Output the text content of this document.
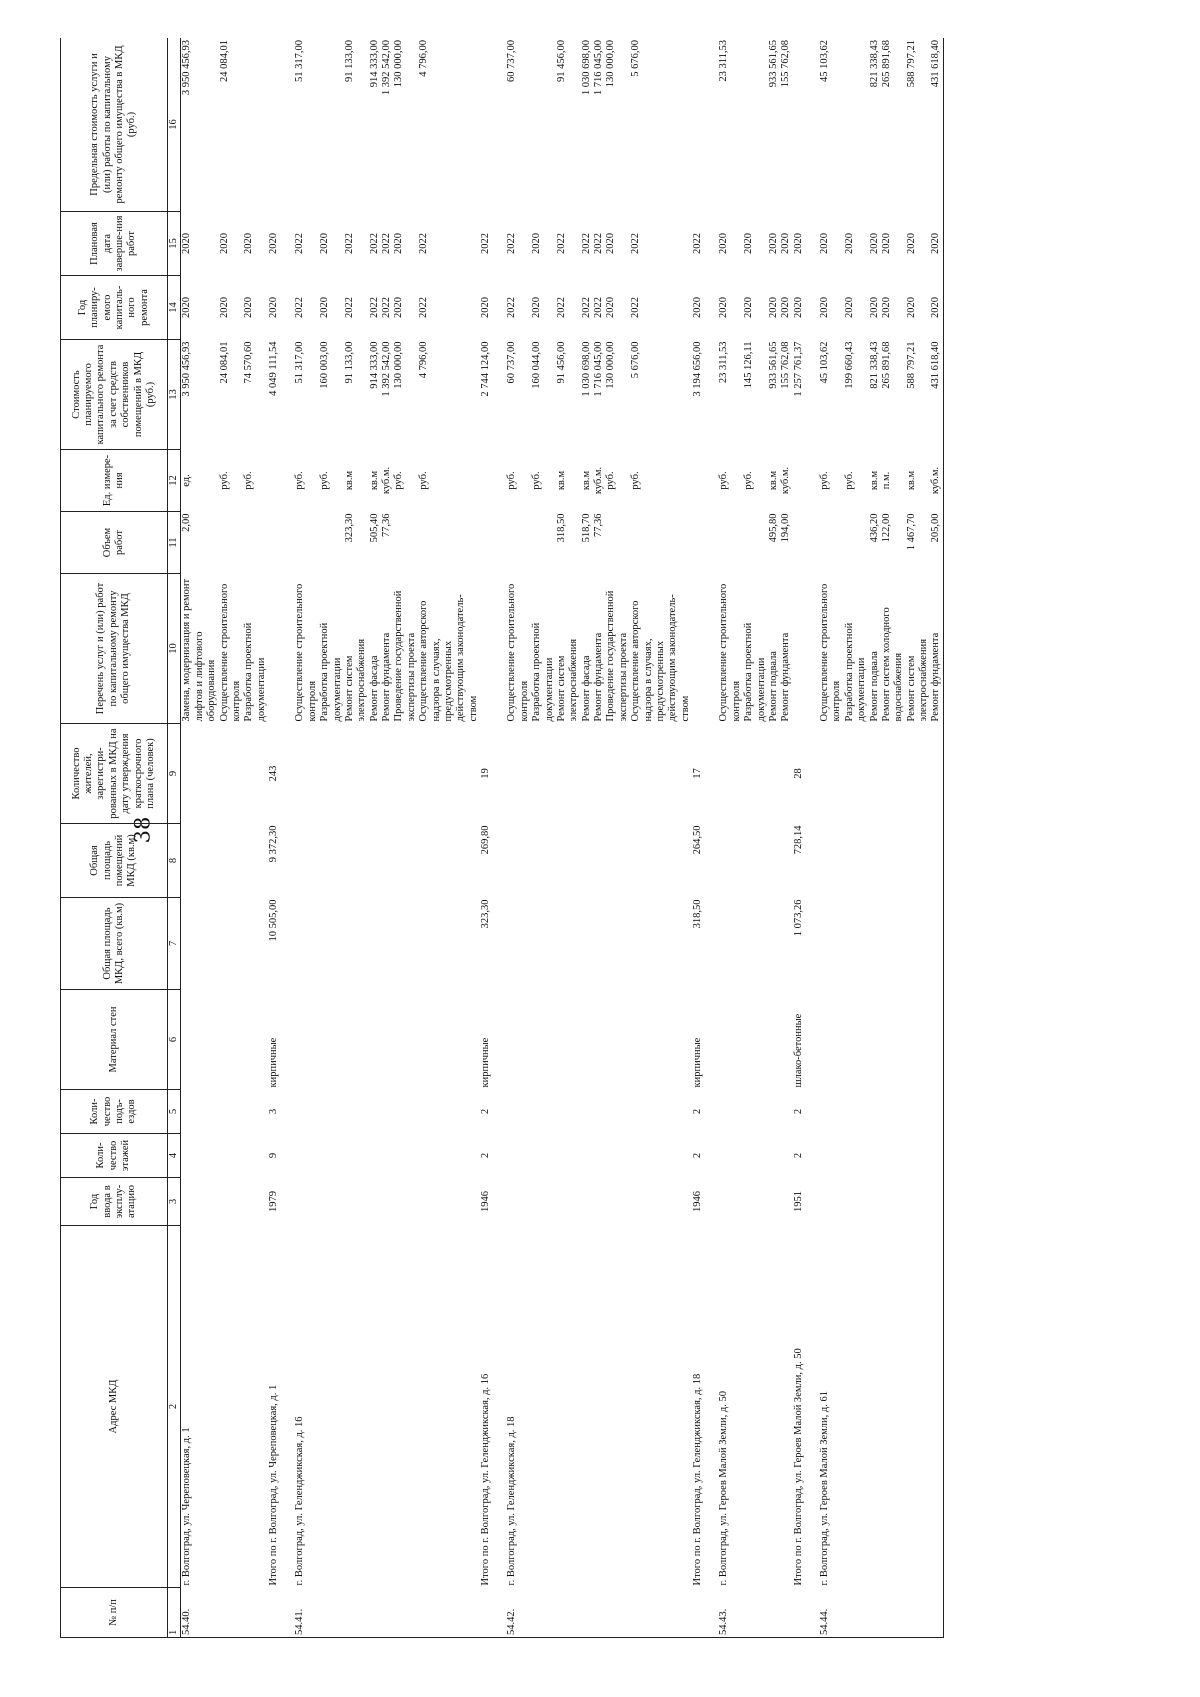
38
№ п/п	Адрес МКД	Год ввода в эксплу-атацию	Коли-чество этажей	Коли-чество подъ-ездов	Материал стен	Общая площадь МКД, всего (кв.м)	Общая площадь помещений МКД (кв.м)	Количество жителей, зарегистри-рованных в МКД на дату утверждения краткосрочного плана (человек)	Перечень услуг и (или) работ по капитальному ремонту общего имущества МКД	Объем работ	Ед. измере-ния	Стоимость планируемого капитального ремонта за счет средств собственников помещений в МКД (руб.)	Год планиру-емого капиталь-ного ремонта	Плановая дата заверше-ния работ	Предельная стоимость услуги и (или) работы по капитальному ремонту общего имущества в МКД (руб.)
1	2	3	4	5	6	7	8	9	10	11	12	13	14	15	16
54.40.	г. Волгоград, ул. Череповецкая, д. 1								Замена, модернизация и ремонт лифтов и лифтового оборудования	2,00	ед.	3 950 456,93	2020	2020	3 950 456,93
									Осуществление строительного контроля		руб.	24 084,01	2020	2020	24 084,01
									Разработка проектной документации		руб.	74 570,60	2020	2020	
	Итого по г. Волгоград, ул. Череповецкая, д. 1	1979	9	3	кирпичные	10 505,00	9 372,30	243				4 049 111,54	2020	2020	

54.41.	г. Волгоград, ул. Геленджикская, д. 16								Осуществление строительного контроля		руб.	51 317,00	2022	2022	51 317,00
									Разработка проектной документации		руб.	160 003,00	2020	2020	
									Ремонт систем электроснабжения	323,30	кв.м	91 133,00	2022	2022	91 133,00
									Ремонт фасада	505,40	кв.м	914 333,00	2022	2022	914 333,00
									Ремонт фундамента	77,36	куб.м.	1 392 542,00	2022	2022	1 392 542,00
									Проведение государственной экспертизы проекта		руб.	130 000,00	2020	2020	130 000,00
									Осуществление авторского надзора в случаях, предусмотренных действующим законодатель-ством		руб.	4 796,00	2022	2022	4 796,00
	Итого по г. Волгоград, ул. Геленджикская, д. 16	1946	2	2	кирпичные	323,30	269,80	19				2 744 124,00	2020	2022	

54.42.	г. Волгоград, ул. Геленджикская, д. 18								Осуществление строительного контроля		руб.	60 737,00	2022	2022	60 737,00
									Разработка проектной документации		руб.	160 044,00	2020	2020	
									Ремонт систем электроснабжения	318,50	кв.м	91 456,00	2022	2022	91 456,00
									Ремонт фасада	518,70	кв.м	1 030 698,00	2022	2022	1 030 698,00
									Ремонт фундамента	77,36	куб.м.	1 716 045,00	2022	2022	1 716 045,00
									Проведение государственной экспертизы проекта		руб.	130 000,00	2020	2020	130 000,00
									Осуществление авторского надзора в случаях, предусмотренных действующим законодатель-ством		руб.	5 676,00	2022	2022	5 676,00
	Итого по г. Волгоград, ул. Геленджикская, д. 18	1946	2	2	кирпичные	318,50	264,50	17				3 194 656,00	2020	2022	

54.43.	г. Волгоград, ул. Героев Малой Земли, д. 50								Осуществление строительного контроля		руб.	23 311,53	2020	2020	23 311,53
									Разработка проектной документации		руб.	145 126,11	2020	2020	
									Ремонт подвала	495,80	кв.м	933 561,65	2020	2020	933 561,65
									Ремонт фундамента	194,00	куб.м.	155 762,08	2020	2020	155 762,08
	Итого по г. Волгоград, ул. Героев Малой Земли, д. 50	1951	2	2	шлако-бетонные	1 073,26	728,14	28				1 257 761,37	2020	2020	

54.44.	г. Волгоград, ул. Героев Малой Земли, д. 61								Осуществление строительного контроля		руб.	45 103,62	2020	2020	45 103,62
									Разработка проектной документации		руб.	199 660,43	2020	2020	
									Ремонт подвала	436,20	кв.м	821 338,43	2020	2020	821 338,43
									Ремонт систем холодного водоснабжения	122,00	п.м.	265 891,68	2020	2020	265 891,68
									Ремонт систем электроснабжения	1 467,70	кв.м	588 797,21	2020	2020	588 797,21
									Ремонт фундамента	205,00	куб.м.	431 618,40	2020	2020	431 618,40
